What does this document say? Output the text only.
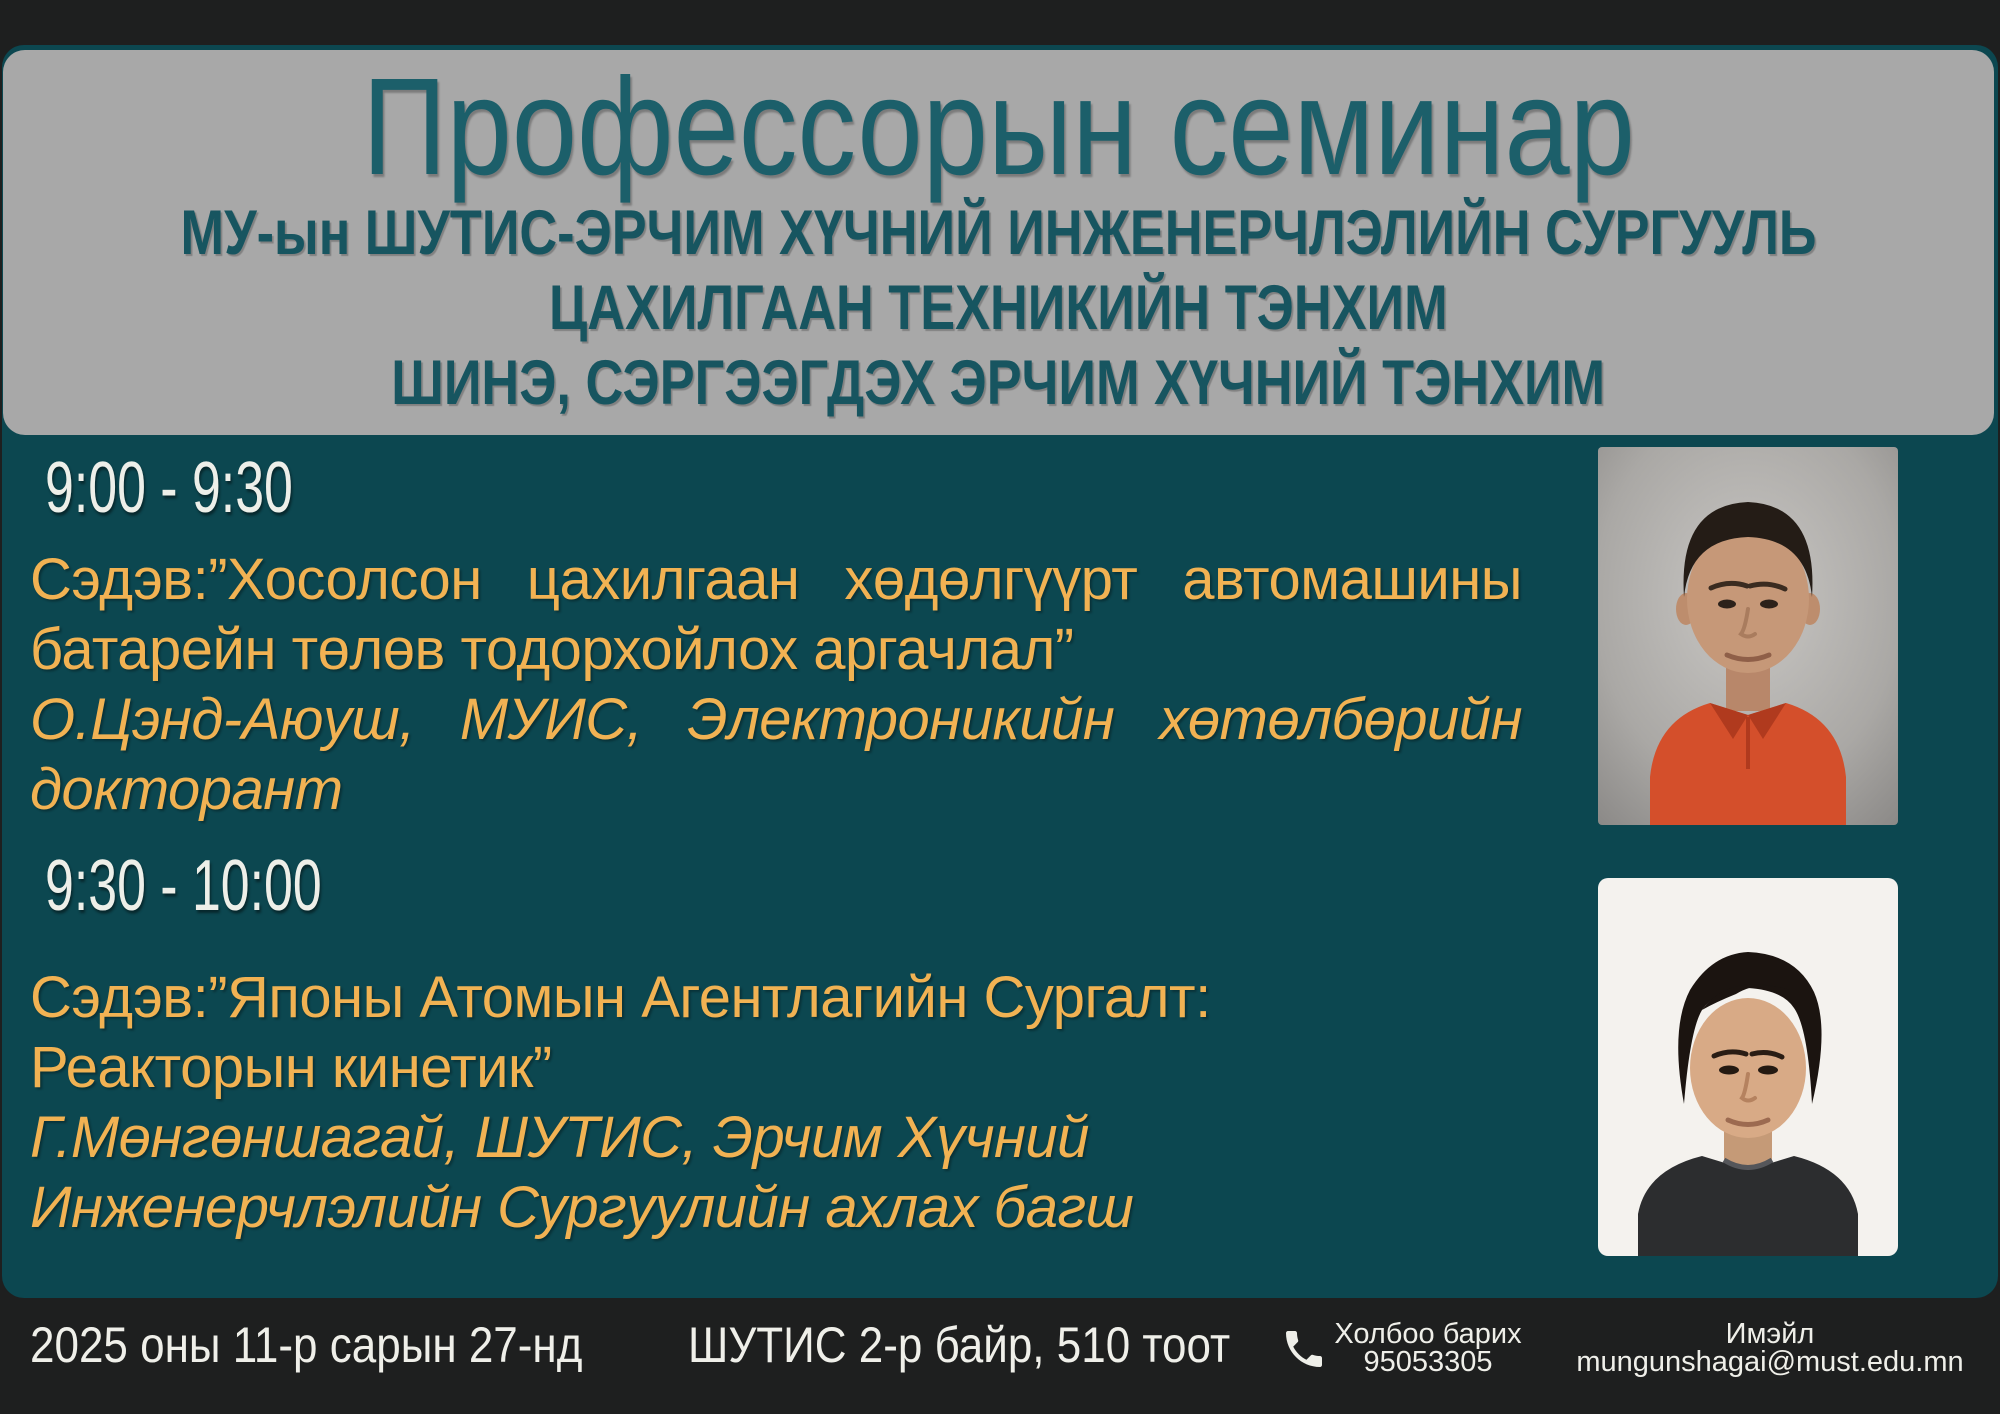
Профессорын семинар
МУ-ын ШУТИС-ЭРЧИМ ХҮЧНИЙ ИНЖЕНЕРЧЛЭЛИЙН СУРГУУЛЬ
ЦАХИЛГААН ТЕХНИКИЙН ТЭНХИМ
ШИНЭ, СЭРГЭЭГДЭХ ЭРЧИМ ХҮЧНИЙ ТЭНХИМ
9:00 - 9:30
Сэдэв:”Хосолсон цахилгаан хөдөлгүүрт автомашины
батарейн төлөв тодорхойлох аргачлал”
О.Цэнд-Аюуш, МУИС, Электроникийн хөтөлбөрийн
докторант
9:30 - 10:00
Сэдэв:”Японы Атомын Агентлагийн Сургалт:
Реакторын кинетик”
Г.Мөнгөншагай, ШУТИС, Эрчим Хүчний
Инженерчлэлийн Сургуулийн ахлах багш
2025 оны 11-р сарын 27-нд	ШУТИС 2-р байр, 510 тоот	Холбоо барих
95053305
Имэйл
mungunshagai@must.edu.mn
